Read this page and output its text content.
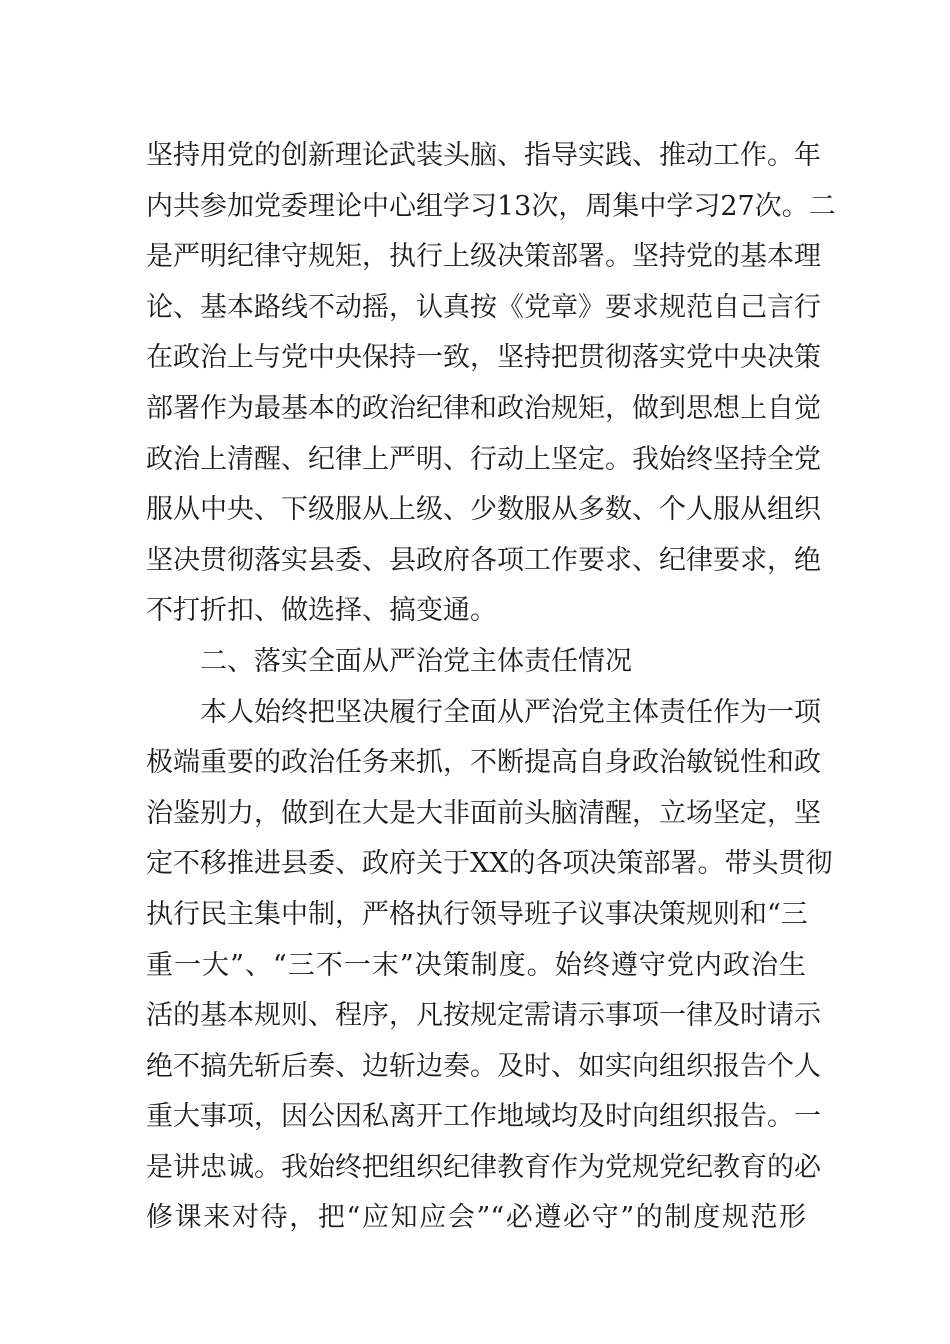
坚持用党的创新理论武装头脑、指导实践、推动工作。年
内共参加党委理论中心组学习13次，周集中学习27次。二
是严明纪律守规矩，执行上级决策部署。坚持党的基本理
论、基本路线不动摇，认真按《党章》要求规范自己言行
在政治上与党中央保持一致，坚持把贯彻落实党中央决策
部署作为最基本的政治纪律和政治规矩，做到思想上自觉
政治上清醒、纪律上严明、行动上坚定。我始终坚持全党
服从中央、下级服从上级、少数服从多数、个人服从组织
坚决贯彻落实县委、县政府各项工作要求、纪律要求，绝
不打折扣、做选择、搞变通。
二、落实全面从严治党主体责任情况
本人始终把坚决履行全面从严治党主体责任作为一项
极端重要的政治任务来抓，不断提高自身政治敏锐性和政
治鉴别力，做到在大是大非面前头脑清醒，立场坚定，坚
定不移推进县委、政府关于XX的各项决策部署。带头贯彻
执行民主集中制，严格执行领导班子议事决策规则和“三
重一大”、“三不一末”决策制度。始终遵守党内政治生
活的基本规则、程序，凡按规定需请示事项一律及时请示
绝不搞先斩后奏、边斩边奏。及时、如实向组织报告个人
重大事项，因公因私离开工作地域均及时向组织报告。一
是讲忠诚。我始终把组织纪律教育作为党规党纪教育的必
修课来对待，把“应知应会”“必遵必守”的制度规范形
